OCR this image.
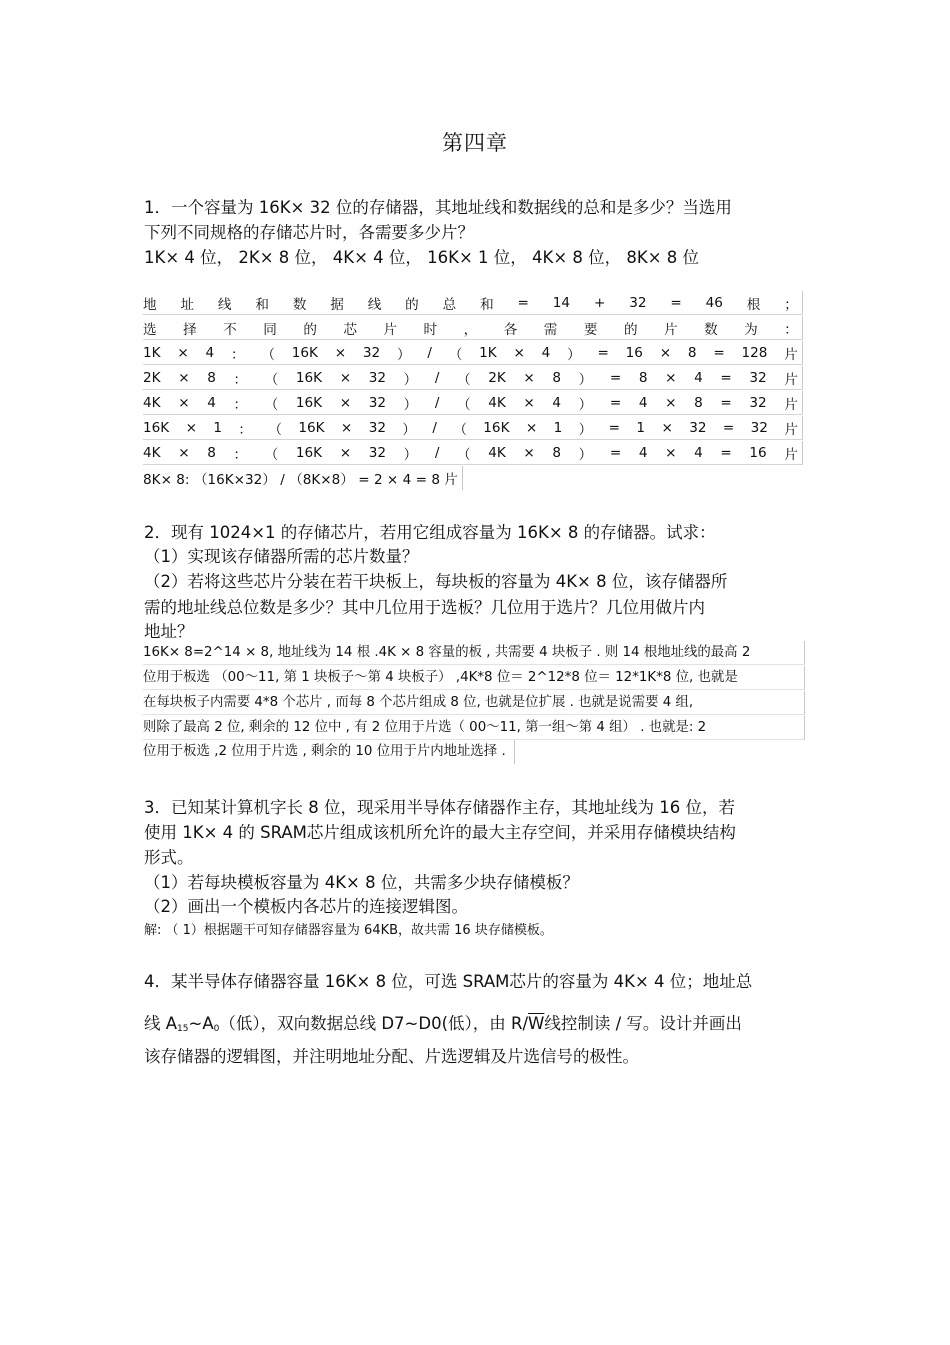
第四章
1．一个容量为 16K× 32 位的存储器，其地址线和数据线的总和是多少？当选用
下列不同规格的存储芯片时，各需要多少片？
1K× 4 位， 2K× 8 位， 4K× 4 位， 16K× 1 位， 4K× 8 位， 8K× 8 位
地 址 线 和 数 据 线 的 总 和 = 14 + 32 = 46 根 ；
选 择 不 同 的 芯 片 时 ， 各 需 要 的 片 数 为 ：
1K × 4 ： （ 16K × 32 ） / （ 1K × 4 ） = 16 × 8 = 128 片
2K × 8 ： （ 16K × 32 ） / （ 2K × 8 ） = 8 × 4 = 32 片
4K × 4 ： （ 16K × 32 ） / （ 4K × 4 ） = 4 × 8 = 32 片
16K × 1 ： （ 16K × 32 ） / （ 16K × 1 ） = 1 × 32 = 32 片
4K × 8 ： （ 16K × 32 ） / （ 4K × 8 ） = 4 × 4 = 16 片
8K× 8: （16K×32） / （8K×8） = 2 × 4 = 8 片
2．现有 1024×1 的存储芯片，若用它组成容量为 16K× 8 的存储器。试求：
（1）实现该存储器所需的芯片数量？
（2）若将这些芯片分装在若干块板上，每块板的容量为 4K× 8 位，该存储器所
需的地址线总位数是多少？其中几位用于选板？几位用于选片？几位用做片内
地址？
16K× 8=2^14 × 8, 地址线为 14 根 .4K × 8 容量的板 , 共需要 4 块板子 . 则 14 根地址线的最高 2
位用于板选 （00～11, 第 1 块板子～第 4 块板子） ,4K*8 位＝ 2^12*8 位＝ 12*1K*8 位, 也就是
在每块板子内需要 4*8 个芯片 , 而每 8 个芯片组成 8 位, 也就是位扩展 . 也就是说需要 4 组,
则除了最高 2 位, 剩余的 12 位中 , 有 2 位用于片选（ 00～11, 第一组～第 4 组） . 也就是: 2
位用于板选 ,2 位用于片选 , 剩余的 10 位用于片内地址选择 .
3．已知某计算机字长 8 位，现采用半导体存储器作主存，其地址线为 16 位，若
使用 1K× 4 的 SRAM芯片组成该机所允许的最大主存空间，并采用存储模块结构
形式。
（1）若每块模板容量为 4K× 8 位，共需多少块存储模板？
（2）画出一个模板内各芯片的连接逻辑图。
解: （ 1）根据题干可知存储器容量为 64KB，故共需 16 块存储模板。
4．某半导体存储器容量 16K× 8 位，可选 SRAM芯片的容量为 4K× 4 位；地址总
线 $A_{15}\sim A_0$（低），双向数据总线 D7~D0(低），由 $R/\overline{W}$线控制读 / 写。设计并画出
该存储器的逻辑图，并注明地址分配、片选逻辑及片选信号的极性。
